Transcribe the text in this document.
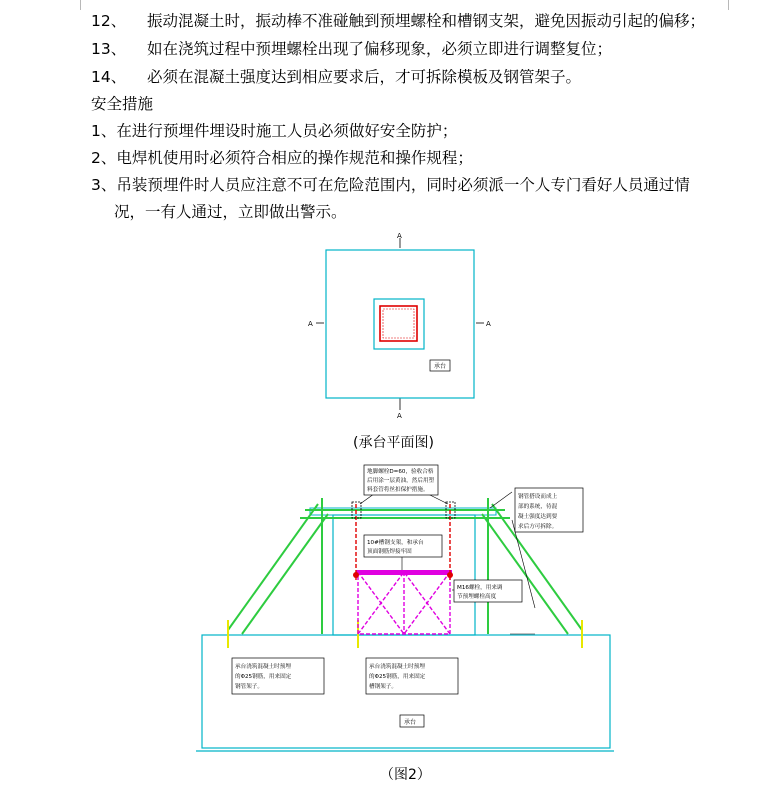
12、 振动混凝土时，振动棒不准碰触到预埋螺栓和槽钢支架，避免因振动引起的偏移；
13、 如在浇筑过程中预埋螺栓出现了偏移现象，必须立即进行调整复位；
14、 必须在混凝土强度达到相应要求后，才可拆除模板及钢管架子。
安全措施
1、在进行预埋件埋设时施工人员必须做好安全防护；
2、电焊机使用时必须符合相应的操作规范和操作规程；
3、吊装预埋件时人员应注意不可在危险范围内，同时必须派一个人专门看好人员通过情
况，一有人通过，立即做出警示。
A
A
A	A
承台
(承台平面图)
地脚螺栓D=60，验收合格
后用涂一层黄油，然后用塑
料套管将丝扣保护措施。
钢管搭设而成上
部的系统，待混
凝土强度达到要
求后方可拆除。
10#槽钢支架，和承台
顶面钢筋焊接牢固
M16螺栓，用来调
节预埋螺栓高度
承台浇筑混凝土时预埋
的Φ25钢筋，用来固定
钢管架子。
承台浇筑混凝土时预埋
的Φ25钢筋，用来固定
槽钢架子。
承台
（图2）
